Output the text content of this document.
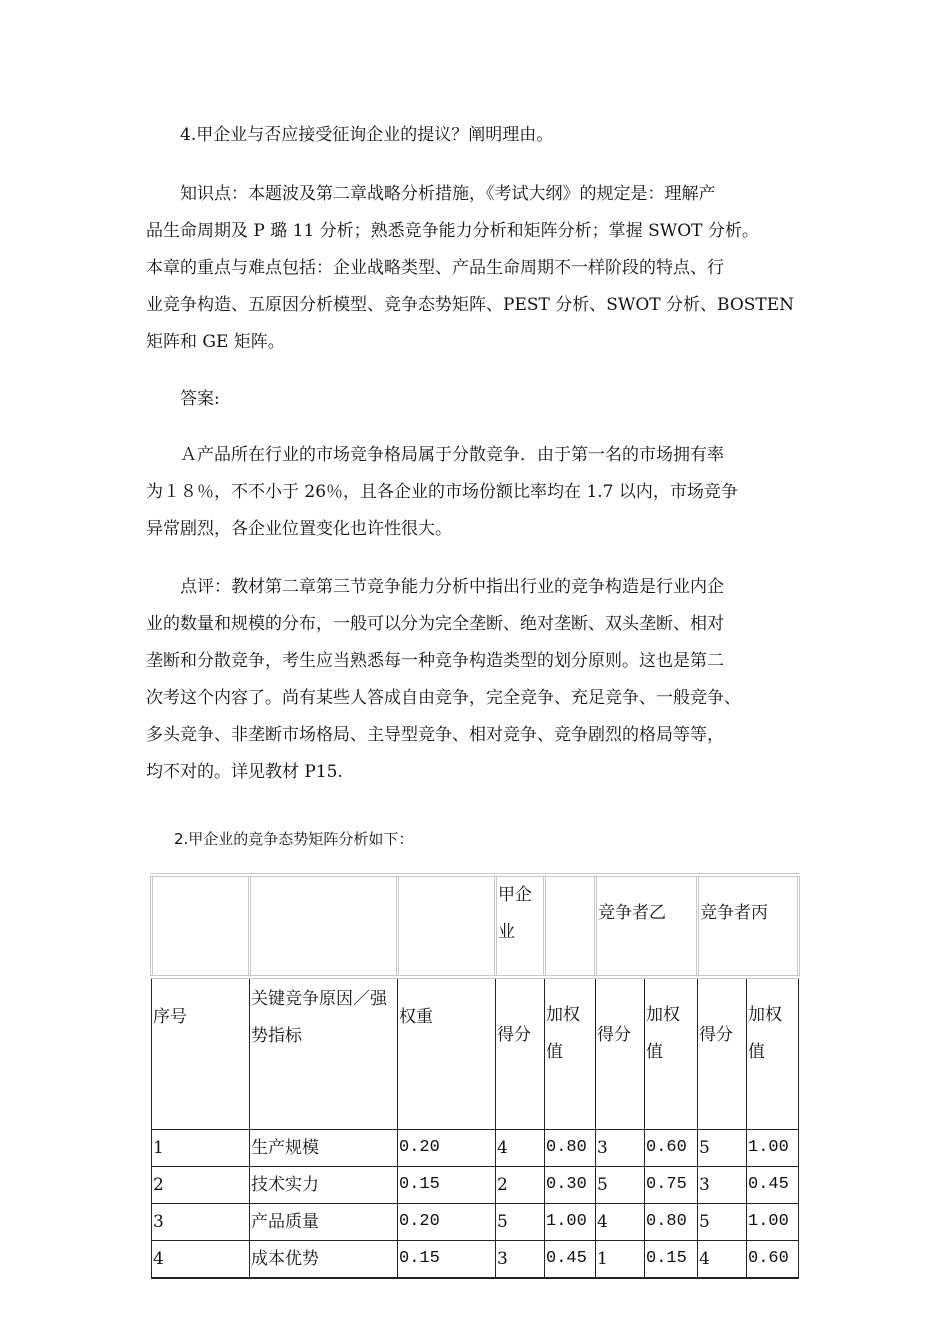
4.甲企业与否应接受征询企业的提议？阐明理由。

知识点：本题波及第二章战略分析措施，《考试大纲》的规定是：理解产
品生命周期及 P 璐 11 分析；熟悉竞争能力分析和矩阵分析；掌握 SWOT 分析。
本章的重点与难点包括：企业战略类型、产品生命周期不一样阶段的特点、行
业竞争构造、五原因分析模型、竞争态势矩阵、PEST 分析、SWOT 分析、BOSTEN
矩阵和 GE 矩阵。

答案:

Ａ产品所在行业的市场竞争格局属于分散竞争．由于第一名的市场拥有率
为１８％，不不小于 26％，且各企业的市场份额比率均在 1.7 以内，市场竞争
异常剧烈，各企业位置变化也许性很大。

点评：教材第二章第三节竞争能力分析中指出行业的竞争构造是行业内企
业的数量和规模的分布，一般可以分为完全垄断、绝对垄断、双头垄断、相对
垄断和分散竞争，考生应当熟悉每一种竞争构造类型的划分原则。这也是第二
次考这个内容了。尚有某些人答成自由竞争，完全竞争、充足竞争、一般竞争、
多头竞争、非垄断市场格局、主导型竞争、相对竞争、竞争剧烈的格局等等，
均不对的。详见教材 P15.

2.甲企业的竞争态势矩阵分析如下：

			甲企业		竞争者乙		竞争者丙	

序号	关键竞争原因／强势指标	权重	得分	加权值	得分	加权值	得分	加权值

1	生产规模	0.20	4	0.80	3	0.60	5	1.00

2	技术实力	0.15	2	0.30	5	0.75	3	0.45

3	产品质量	0.20	5	1.00	4	0.80	5	1.00

4	成本优势	0.15	3	0.45	1	0.15	4	0.60
